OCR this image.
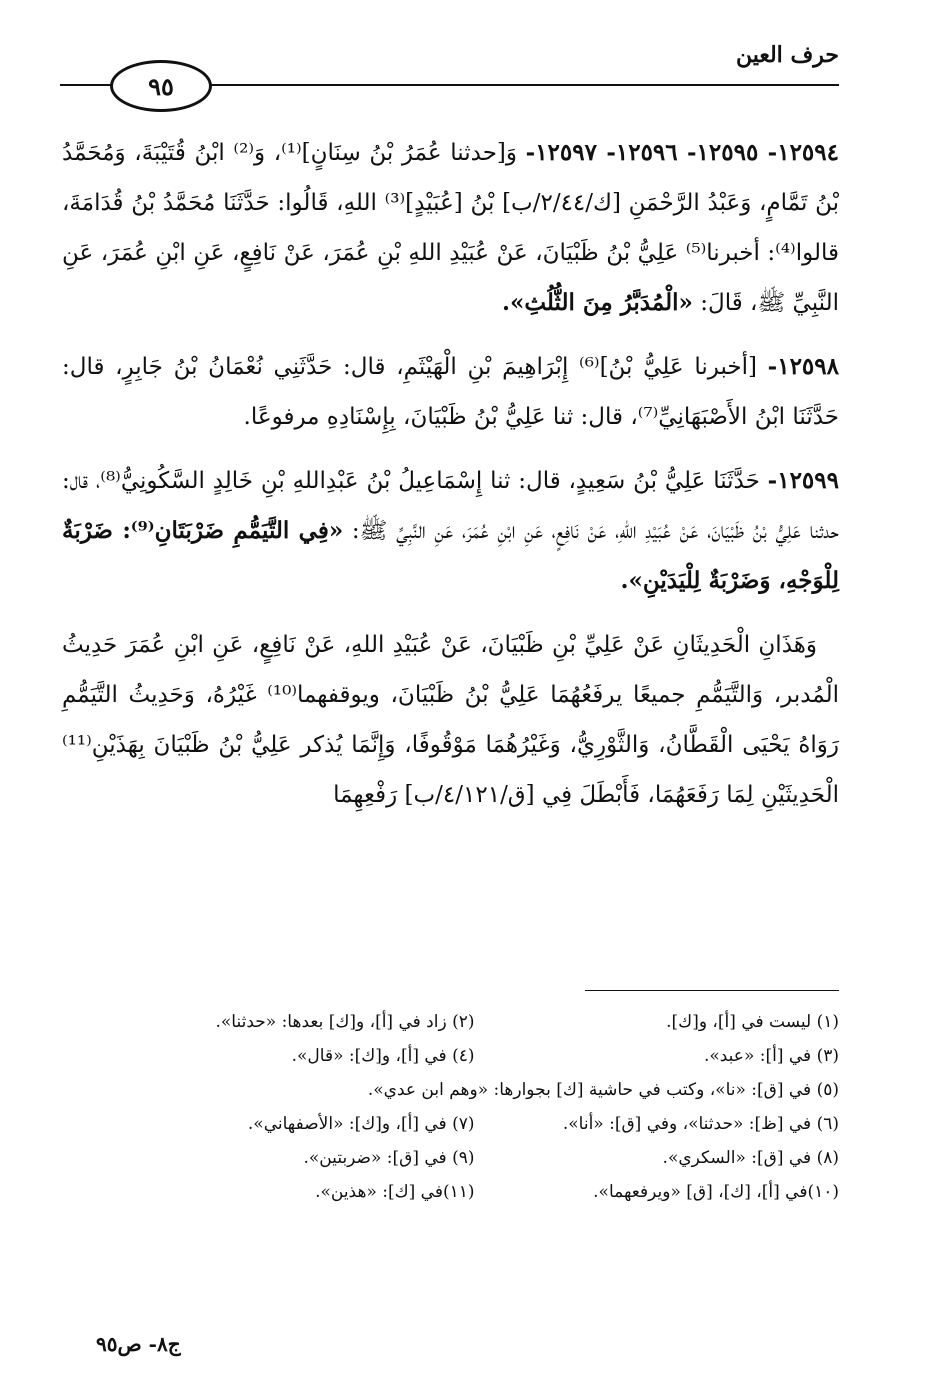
حرف العين
٩٥

١٢٥٩٤- ١٢٥٩٥- ١٢٥٩٦- ١٢٥٩٧- وَ[حدثنا عُمَرُ بْنُ سِنَانٍ]⁽¹⁾، وَ⁽²⁾ ابْنُ قُتَيْبَةَ، وَمُحَمَّدُ بْنُ تَمَّامٍ، وَعَبْدُ الرَّحْمَنِ [ك/٢/٤٤/ب] بْنُ [عُبَيْدٍ]⁽³⁾ اللهِ، قَالُوا: حَدَّثَنَا مُحَمَّدُ بْنُ قُدَامَةَ، قالوا⁽⁴⁾: أخبرنا⁽⁵⁾ عَلِيُّ بْنُ ظَبْيَانَ، عَنْ عُبَيْدِ اللهِ بْنِ عُمَرَ، عَنْ نَافِعٍ، عَنِ ابْنِ عُمَرَ، عَنِ النَّبِيِّ ﷺ، قَالَ: «الْمُدَبَّرُ مِنَ الثُّلُثِ».

١٢٥٩٨- [أخبرنا عَلِيُّ بْنُ]⁽⁶⁾ إِبْرَاهِيمَ بْنِ الْهَيْثَمِ، قال: حَدَّثَنِي نُعْمَانُ بْنُ جَابِرٍ، قال: حَدَّثَنَا ابْنُ الأَصْبَهَانِيِّ⁽⁷⁾، قال: ثنا عَلِيُّ بْنُ ظَبْيَانَ، بِإِسْنَادِهِ مرفوعًا.

١٢٥٩٩- حَدَّثَنَا عَلِيُّ بْنُ سَعِيدٍ، قال: ثنا إِسْمَاعِيلُ بْنُ عَبْدِاللهِ بْنِ خَالِدٍ السَّكُونِيُّ⁽⁸⁾، قال: حدثنا عَلِيُّ بْنُ ظَبْيَانَ، عَنْ عُبَيْدِ اللهِ، عَنْ نَافِعٍ، عَنِ ابْنِ عُمَرَ، عَنِ النَّبِيِّ ﷺ: «فِي التَّيَمُّمِ ضَرْبَتَانِ⁽⁹⁾: ضَرْبَةٌ لِلْوَجْهِ، وَضَرْبَةٌ لِلْيَدَيْنِ».

وَهَذَانِ الْحَدِيثَانِ عَنْ عَلِيِّ بْنِ ظَبْيَانَ، عَنْ عُبَيْدِ اللهِ، عَنْ نَافِعٍ، عَنِ ابْنِ عُمَرَ حَدِيثُ الْمُدبر، وَالتَّيَمُّمِ جميعًا يرفَعُهُمَا عَلِيُّ بْنُ ظَبْيَانَ، ويوقفهما⁽¹⁰⁾ غَيْرُهُ، وَحَدِيثُ التَّيَمُّمِ رَوَاهُ يَحْيَى الْقَطَّانُ، وَالثَّوْرِيُّ، وَغَيْرُهُمَا مَوْقُوفًا، وَإِنَّمَا يُذكر عَلِيُّ بْنُ ظَبْيَانَ بِهَذَيْنِ⁽¹¹⁾ الْحَدِيثَيْنِ لِمَا رَفَعَهُمَا، فَأَبْطَلَ فِي [ق/٤/١٢١/ب] رَفْعِهِمَا

(١) ليست في [أ]، و[ك].
(٢) زاد في [أ]، و[ك] بعدها: «حدثنا».
(٣) في [أ]: «عبد».
(٤) في [أ]، و[ك]: «قال».
(٥) في [ق]: «نا»، وكتب في حاشية [ك] بجوارها: «وهم ابن عدي».
(٦) في [ظ]: «حدثنا»، وفي [ق]: «أنا».
(٧) في [أ]، و[ك]: «الأصفهاني».
(٨) في [ق]: «السكري».
(٩) في [ق]: «ضربتين».
(١٠)في [أ]، [ك]، [ق] «ويرفعهما».
(١١)في [ك]: «هذين».
ج٨- ص٩٥
